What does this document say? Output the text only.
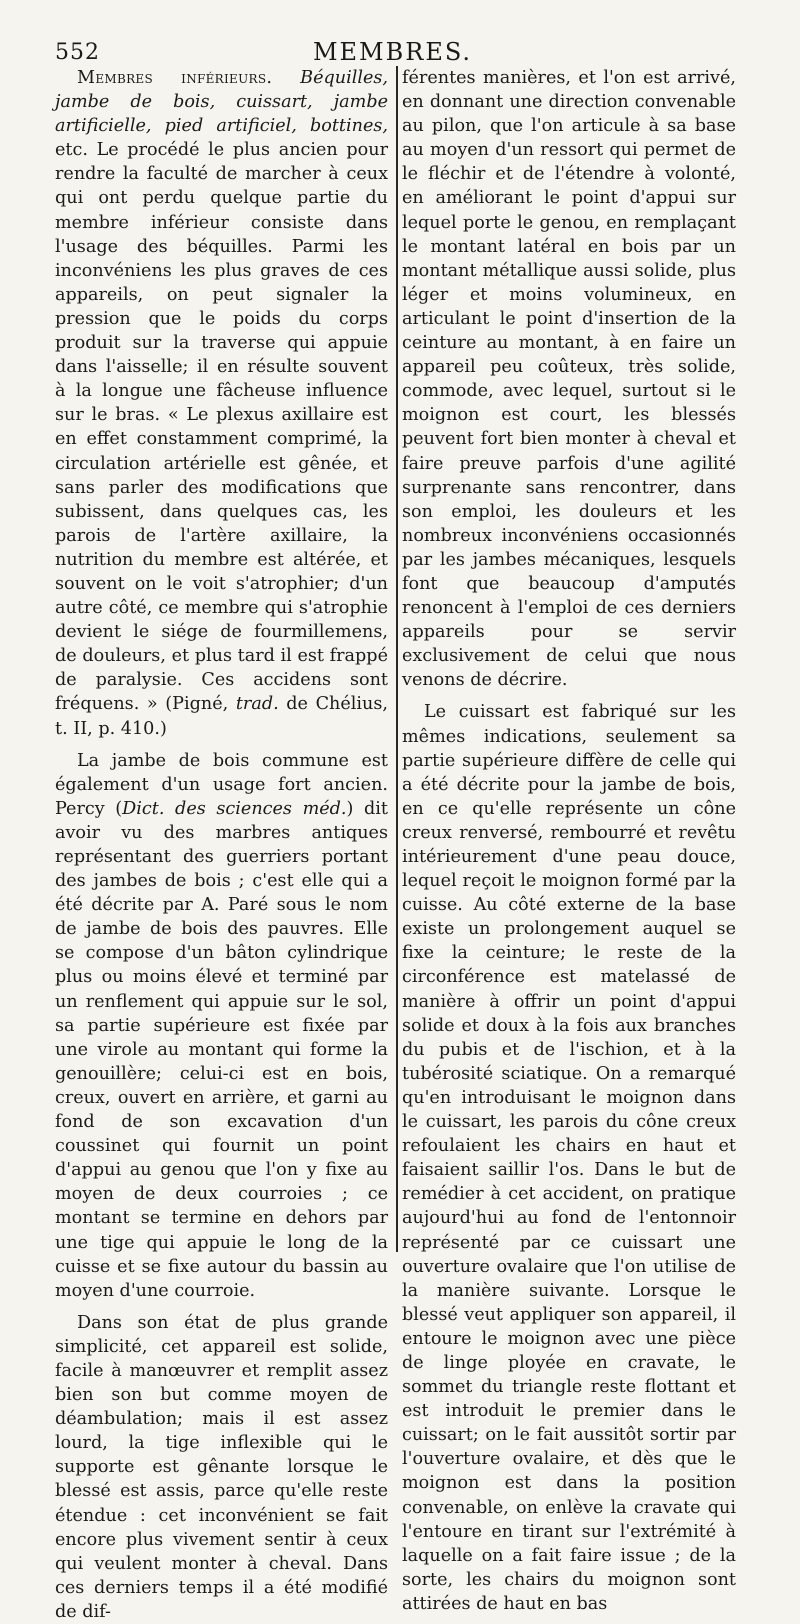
552	MEMBRES.

Membres inférieurs. Béquilles, jambe de bois, cuissart, jambe artificielle, pied artificiel, bottines, etc. Le procédé le plus ancien pour rendre la faculté de marcher à ceux qui ont perdu quelque partie du membre inférieur consiste dans l'usage des béquilles. Parmi les inconvéniens les plus graves de ces appareils, on peut signaler la pression que le poids du corps produit sur la traverse qui appuie dans l'aisselle; il en résulte souvent à la longue une fâcheuse influence sur le bras. « Le plexus axillaire est en effet constamment comprimé, la circulation artérielle est gênée, et sans parler des modifications que subissent, dans quelques cas, les parois de l'artère axillaire, la nutrition du membre est altérée, et souvent on le voit s'atrophier; d'un autre côté, ce membre qui s'atrophie devient le siége de fourmillemens, de douleurs, et plus tard il est frappé de paralysie. Ces accidens sont fréquens. » (Pigné, trad. de Chélius, t. II, p. 410.)

La jambe de bois commune est également d'un usage fort ancien. Percy (Dict. des sciences méd.) dit avoir vu des marbres antiques représentant des guerriers portant des jambes de bois ; c'est elle qui a été décrite par A. Paré sous le nom de jambe de bois des pauvres. Elle se compose d'un bâton cylindrique plus ou moins élevé et terminé par un renflement qui appuie sur le sol, sa partie supérieure est fixée par une virole au montant qui forme la genouillère; celui-ci est en bois, creux, ouvert en arrière, et garni au fond de son excavation d'un coussinet qui fournit un point d'appui au genou que l'on y fixe au moyen de deux courroies ; ce montant se termine en dehors par une tige qui appuie le long de la cuisse et se fixe autour du bassin au moyen d'une courroie.

Dans son état de plus grande simplicité, cet appareil est solide, facile à manœuvrer et remplit assez bien son but comme moyen de déambulation; mais il est assez lourd, la tige inflexible qui le supporte est gênante lorsque le blessé est assis, parce qu'elle reste étendue : cet inconvénient se fait encore plus vivement sentir à ceux qui veulent monter à cheval. Dans ces derniers temps il a été modifié de dif-

férentes manières, et l'on est arrivé, en donnant une direction convenable au pilon, que l'on articule à sa base au moyen d'un ressort qui permet de le fléchir et de l'étendre à volonté, en améliorant le point d'appui sur lequel porte le genou, en remplaçant le montant latéral en bois par un montant métallique aussi solide, plus léger et moins volumineux, en articulant le point d'insertion de la ceinture au montant, à en faire un appareil peu coûteux, très solide, commode, avec lequel, surtout si le moignon est court, les blessés peuvent fort bien monter à cheval et faire preuve parfois d'une agilité surprenante sans rencontrer, dans son emploi, les douleurs et les nombreux inconvéniens occasionnés par les jambes mécaniques, lesquels font que beaucoup d'amputés renoncent à l'emploi de ces derniers appareils pour se servir exclusivement de celui que nous venons de décrire.

Le cuissart est fabriqué sur les mêmes indications, seulement sa partie supérieure diffère de celle qui a été décrite pour la jambe de bois, en ce qu'elle représente un cône creux renversé, rembourré et revêtu intérieurement d'une peau douce, lequel reçoit le moignon formé par la cuisse. Au côté externe de la base existe un prolongement auquel se fixe la ceinture; le reste de la circonférence est matelassé de manière à offrir un point d'appui solide et doux à la fois aux branches du pubis et de l'ischion, et à la tubérosité sciatique. On a remarqué qu'en introduisant le moignon dans le cuissart, les parois du cône creux refoulaient les chairs en haut et faisaient saillir l'os. Dans le but de remédier à cet accident, on pratique aujourd'hui au fond de l'entonnoir représenté par ce cuissart une ouverture ovalaire que l'on utilise de la manière suivante. Lorsque le blessé veut appliquer son appareil, il entoure le moignon avec une pièce de linge ployée en cravate, le sommet du triangle reste flottant et est introduit le premier dans le cuissart; on le fait aussitôt sortir par l'ouverture ovalaire, et dès que le moignon est dans la position convenable, on enlève la cravate qui l'entoure en tirant sur l'extrémité à laquelle on a fait faire issue ; de la sorte, les chairs du moignon sont attirées de haut en bas
